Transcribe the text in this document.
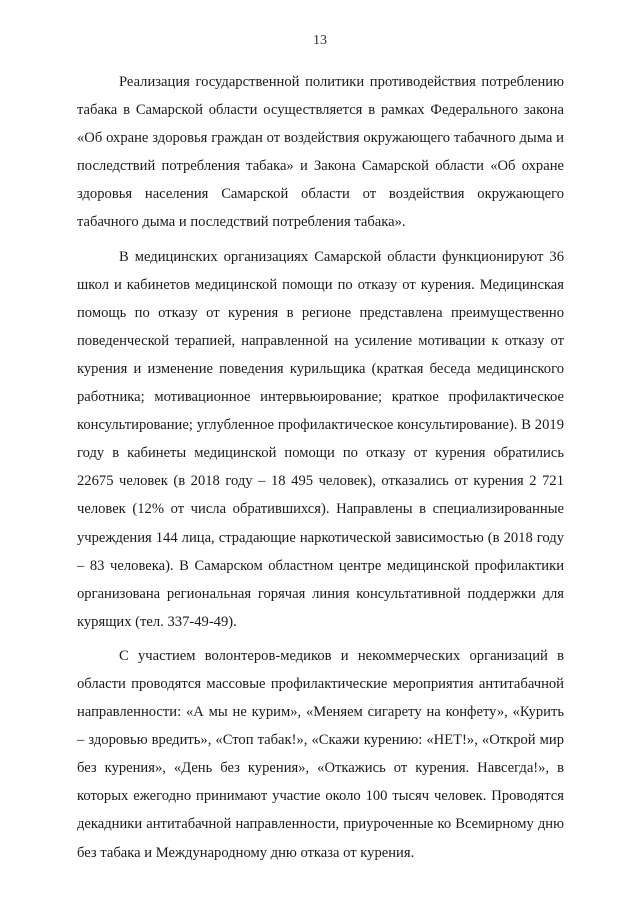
13

Реализация государственной политики противодействия потреблению табака в Самарской области осуществляется в рамках Федерального закона «Об охране здоровья граждан от воздействия окружающего табачного дыма и последствий потребления табака» и Закона Самарской области «Об охране здоровья населения Самарской области от воздействия окружающего табачного дыма и последствий потребления табака».

В медицинских организациях Самарской области функционируют 36 школ и кабинетов медицинской помощи по отказу от курения. Медицинская помощь по отказу от курения в регионе представлена преимущественно поведенческой терапией, направленной на усиление мотивации к отказу от курения и изменение поведения курильщика (краткая беседа медицинского работника; мотивационное интервьюирование; краткое профилактическое консультирование; углубленное профилактическое консультирование). В 2019 году в кабинеты медицинской помощи по отказу от курения обратились 22675 человек (в 2018 году – 18 495 человек), отказались от курения 2 721 человек (12% от числа обратившихся). Направлены в специализированные учреждения 144 лица, страдающие наркотической зависимостью (в 2018 году – 83 человека). В Самарском областном центре медицинской профилактики организована региональная горячая линия консультативной поддержки для курящих (тел. 337-49-49).

С участием волонтеров-медиков и некоммерческих организаций в области проводятся массовые профилактические мероприятия антитабачной направленности: «А мы не курим», «Меняем сигарету на конфету», «Курить – здоровью вредить», «Стоп табак!», «Скажи курению: «НЕТ!», «Открой мир без курения», «День без курения», «Откажись от курения. Навсегда!», в которых ежегодно принимают участие около 100 тысяч человек. Проводятся декадники антитабачной направленности, приуроченные ко Всемирному дню без табака и Международному дню отказа от курения.
